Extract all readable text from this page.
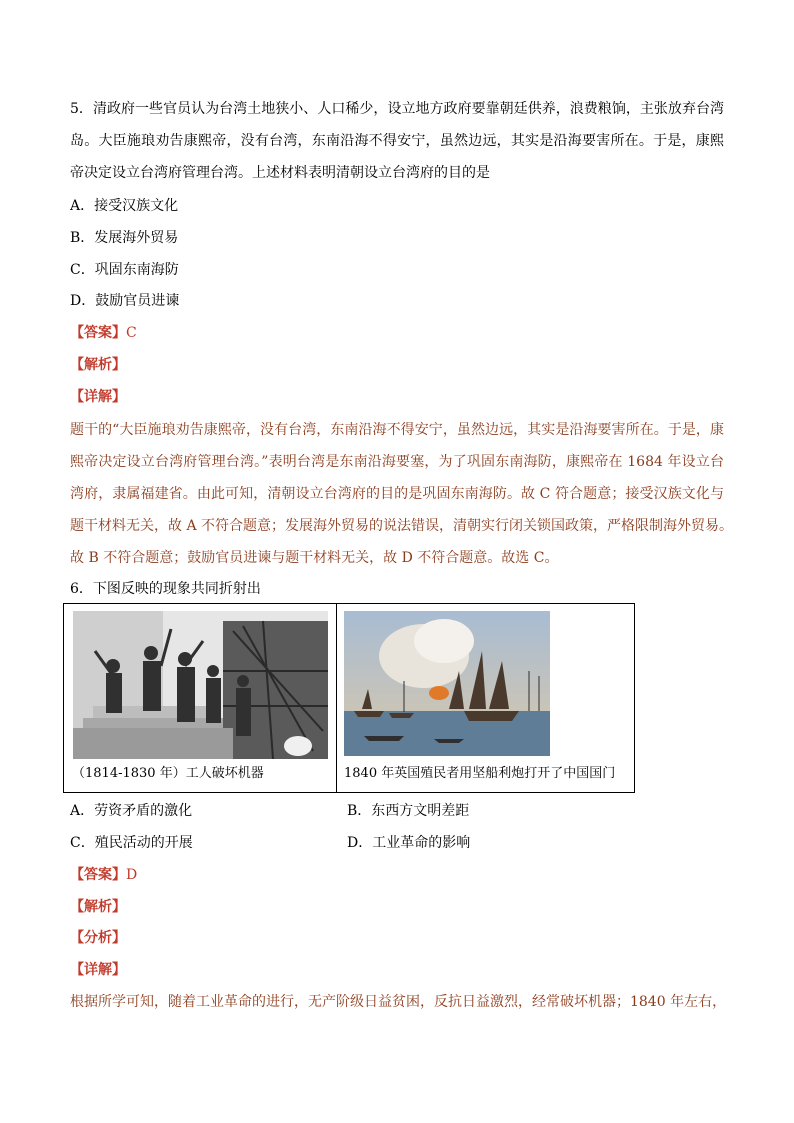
5．清政府一些官员认为台湾土地狭小、人口稀少，设立地方政府要靠朝廷供养，浪费粮饷，主张放弃台湾
岛。大臣施琅劝告康熙帝，没有台湾，东南沿海不得安宁，虽然边远，其实是沿海要害所在。于是，康熙
帝决定设立台湾府管理台湾。上述材料表明清朝设立台湾府的目的是
A．接受汉族文化
B．发展海外贸易
C．巩固东南海防
D．鼓励官员进谏
【答案】C
【解析】
【详解】
题干的“大臣施琅劝告康熙帝，没有台湾，东南沿海不得安宁，虽然边远，其实是沿海要害所在。于是，康
熙帝决定设立台湾府管理台湾。”表明台湾是东南沿海要塞，为了巩固东南海防，康熙帝在 1684 年设立台
湾府，隶属福建省。由此可知，清朝设立台湾府的目的是巩固东南海防。故 C 符合题意；接受汉族文化与
题干材料无关，故 A 不符合题意；发展海外贸易的说法错误，清朝实行闭关锁国政策，严格限制海外贸易。
故 B 不符合题意；鼓励官员进谏与题干材料无关，故 D 不符合题意。故选 C。
6．下图反映的现象共同折射出
（1814-1830 年）工人破坏机器	1840 年英国殖民者用坚船利炮打开了中国国门
A．劳资矛盾的激化	B．东西方文明差距
C．殖民活动的开展	D．工业革命的影响
【答案】D
【解析】
【分析】
【详解】
根据所学可知，随着工业革命的进行，无产阶级日益贫困，反抗日益激烈，经常破坏机器；1840 年左右，
